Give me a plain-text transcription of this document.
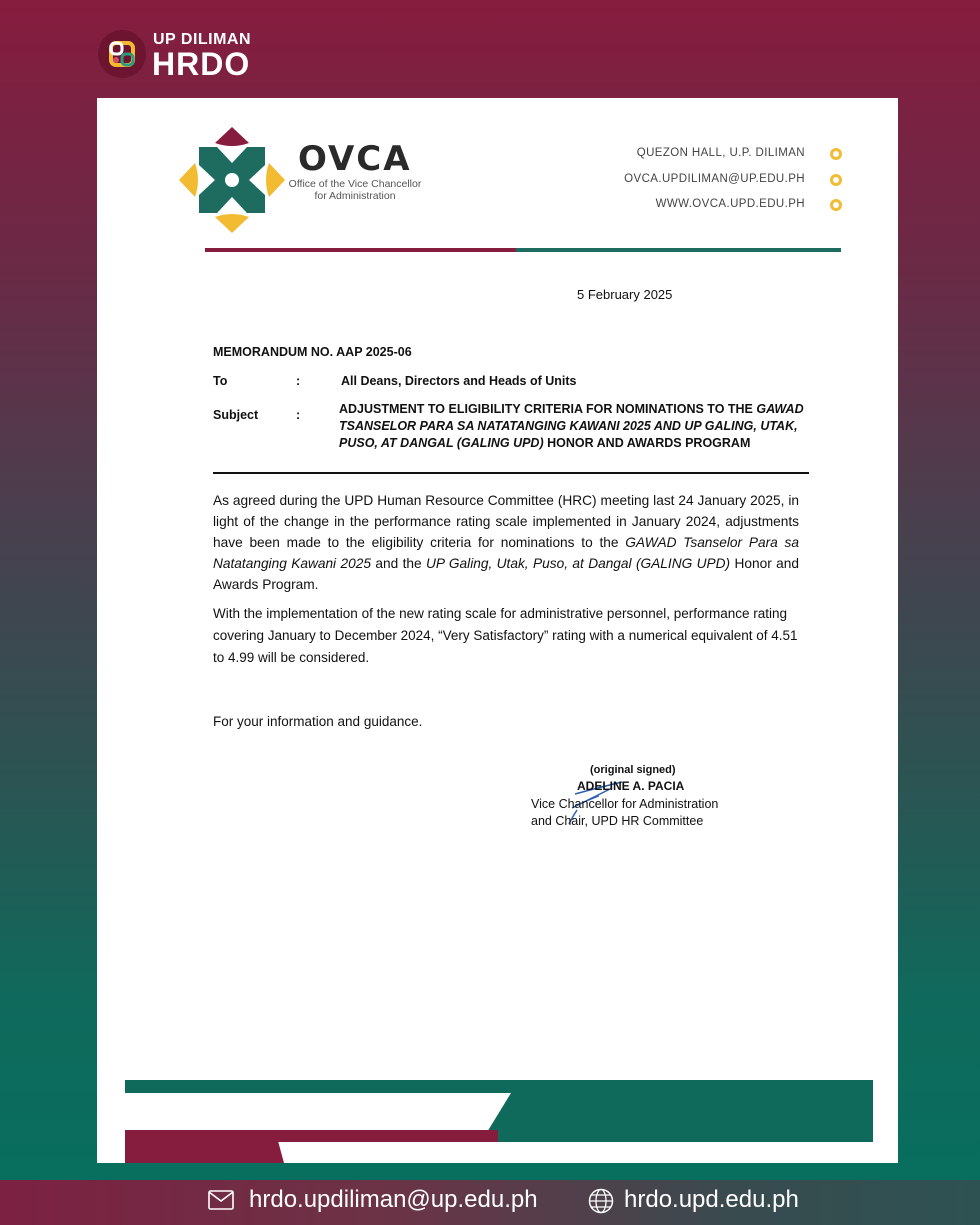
UP DILIMAN
HRDO
OVCA
Office of the Vice Chancellor for Administration
QUEZON HALL, U.P. DILIMAN
OVCA.UPDILIMAN@UP.EDU.PH
WWW.OVCA.UPD.EDU.PH
5 February 2025
MEMORANDUM NO. AAP 2025-06
To	:	All Deans, Directors and Heads of Units
Subject	:	ADJUSTMENT TO ELIGIBILITY CRITERIA FOR NOMINATIONS TO THE GAWAD TSANSELOR PARA SA NATATANGING KAWANI 2025 AND UP GALING, UTAK, PUSO, AT DANGAL (GALING UPD) HONOR AND AWARDS PROGRAM
As agreed during the UPD Human Resource Committee (HRC) meeting last 24 January 2025, in light of the change in the performance rating scale implemented in January 2024, adjustments have been made to the eligibility criteria for nominations to the GAWAD Tsanselor Para sa Natatanging Kawani 2025 and the UP Galing, Utak, Puso, at Dangal (GALING UPD) Honor and Awards Program.
With the implementation of the new rating scale for administrative personnel, performance rating covering January to December 2024, “Very Satisfactory” rating with a numerical equivalent of 4.51 to 4.99 will be considered.
For your information and guidance.
(original signed)
ADELINE A. PACIA
Vice Chancellor for Administration
and Chair, UPD HR Committee
hrdo.updiliman@up.edu.ph	hrdo.upd.edu.ph
